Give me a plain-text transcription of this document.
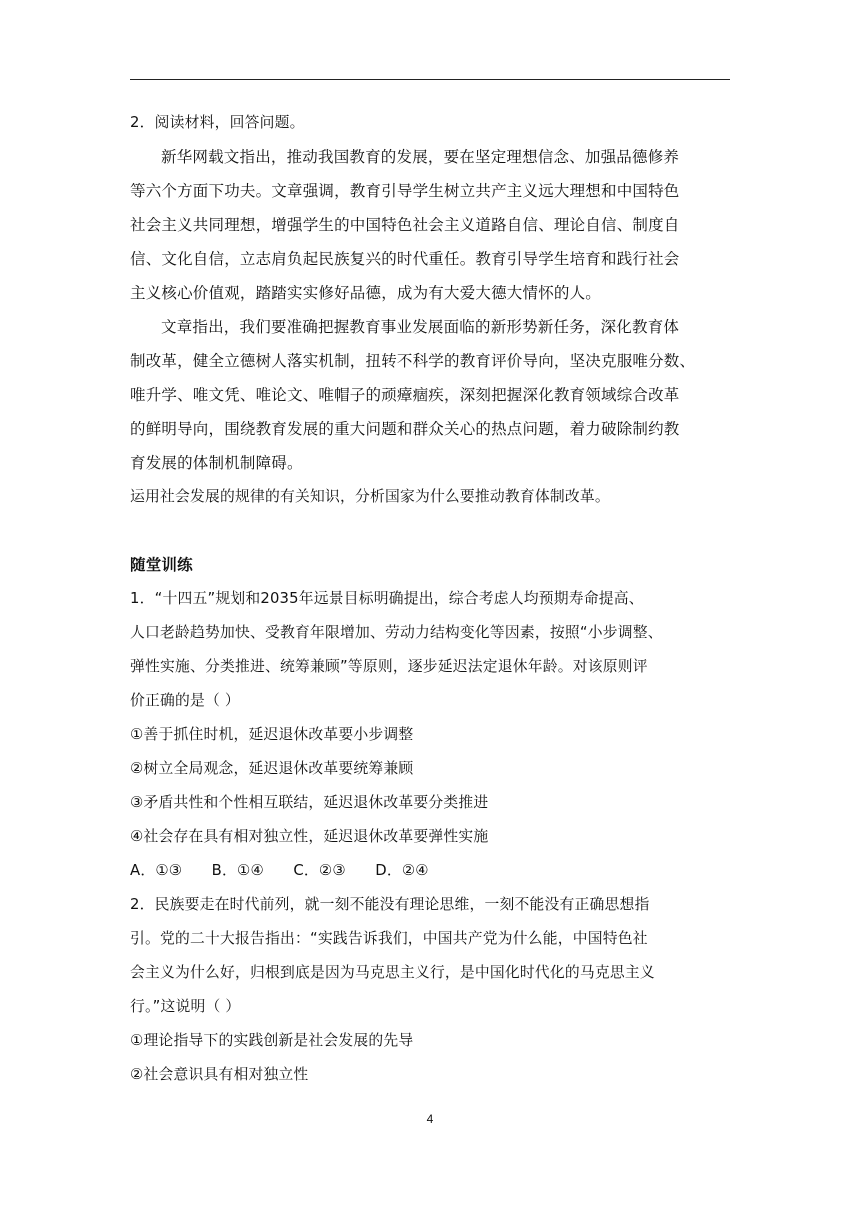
2．阅读材料，回答问题。
新华网载文指出，推动我国教育的发展，要在坚定理想信念、加强品德修养
等六个方面下功夫。文章强调，教育引导学生树立共产主义远大理想和中国特色
社会主义共同理想，增强学生的中国特色社会主义道路自信、理论自信、制度自
信、文化自信，立志肩负起民族复兴的时代重任。教育引导学生培育和践行社会
主义核心价值观，踏踏实实修好品德，成为有大爱大德大情怀的人。
文章指出，我们要准确把握教育事业发展面临的新形势新任务，深化教育体
制改革，健全立德树人落实机制，扭转不科学的教育评价导向，坚决克服唯分数、
唯升学、唯文凭、唯论文、唯帽子的顽瘴痼疾，深刻把握深化教育领域综合改革
的鲜明导向，围绕教育发展的重大问题和群众关心的热点问题，着力破除制约教
育发展的体制机制障碍。
运用社会发展的规律的有关知识，分析国家为什么要推动教育体制改革。
随堂训练
1．“十四五”规划和2035年远景目标明确提出，综合考虑人均预期寿命提高、
人口老龄趋势加快、受教育年限增加、劳动力结构变化等因素，按照“小步调整、
弹性实施、分类推进、统筹兼顾”等原则，逐步延迟法定退休年龄。对该原则评
价正确的是（ ）
①善于抓住时机，延迟退休改革要小步调整
②树立全局观念，延迟退休改革要统筹兼顾
③矛盾共性和个性相互联结，延迟退休改革要分类推进
④社会存在具有相对独立性，延迟退休改革要弹性实施
A．①③      B．①④      C．②③      D．②④
2．民族要走在时代前列，就一刻不能没有理论思维，一刻不能没有正确思想指
引。党的二十大报告指出：“实践告诉我们，中国共产党为什么能，中国特色社
会主义为什么好，归根到底是因为马克思主义行，是中国化时代化的马克思主义
行。”这说明（ ）
①理论指导下的实践创新是社会发展的先导
②社会意识具有相对独立性
4
